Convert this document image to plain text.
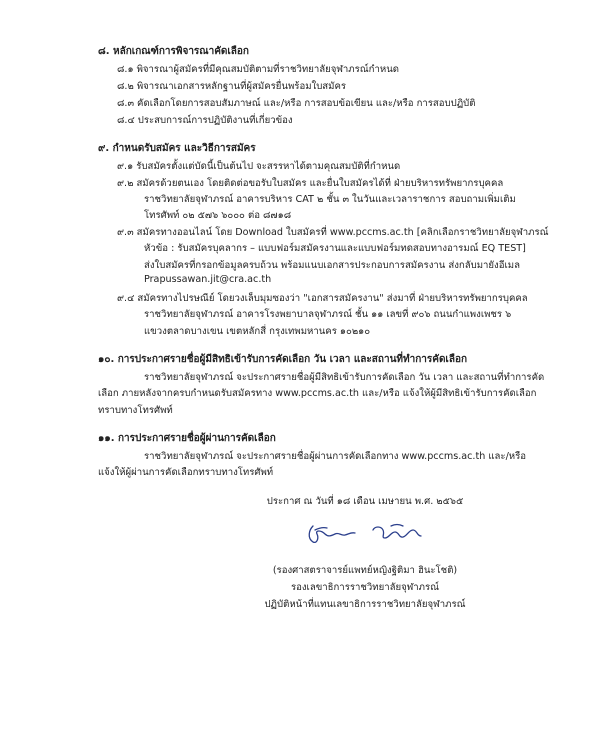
๘. หลักเกณฑ์การพิจารณาคัดเลือก
๘.๑ พิจารณาผู้สมัครที่มีคุณสมบัติตามที่ราชวิทยาลัยจุฬาภรณ์กำหนด
๘.๒ พิจารณาเอกสารหลักฐานที่ผู้สมัครยื่นพร้อมใบสมัคร
๘.๓ คัดเลือกโดยการสอบสัมภาษณ์ และ/หรือ การสอบข้อเขียน และ/หรือ การสอบปฏิบัติ
๘.๔ ประสบการณ์การปฏิบัติงานที่เกี่ยวข้อง
๙. กำหนดรับสมัคร และวิธีการสมัคร
๙.๑ รับสมัครตั้งแต่บัดนี้เป็นต้นไป จะสรรหาได้ตามคุณสมบัติที่กำหนด
๙.๒ สมัครด้วยตนเอง โดยติดต่อขอรับใบสมัคร และยื่นใบสมัครได้ที่ ฝ่ายบริหารทรัพยากรบุคคล
ราชวิทยาลัยจุฬาภรณ์ อาคารบริหาร CAT ๒ ชั้น ๓ ในวันและเวลาราชการ สอบถามเพิ่มเติม
โทรศัพท์ ๐๒ ๕๗๖ ๖๐๐๐ ต่อ ๘๗๑๘
๙.๓ สมัครทางออนไลน์ โดย Download ใบสมัครที่ www.pccms.ac.th [คลิกเลือกราชวิทยาลัยจุฬาภรณ์
หัวข้อ : รับสมัครบุคลากร – แบบฟอร์มสมัครงานและแบบฟอร์มทดสอบทางอารมณ์ EQ TEST]
ส่งใบสมัครที่กรอกข้อมูลครบถ้วน พร้อมแนบเอกสารประกอบการสมัครงาน ส่งกลับมายังอีเมล
Prapussawan.jit@cra.ac.th
๙.๔ สมัครทางไปรษณีย์ โดยวงเล็บมุมซองว่า "เอกสารสมัครงาน" ส่งมาที่ ฝ่ายบริหารทรัพยากรบุคคล
ราชวิทยาลัยจุฬาภรณ์ อาคารโรงพยาบาลจุฬาภรณ์ ชั้น ๑๑ เลขที่ ๙๐๖ ถนนกำแพงเพชร ๖
แขวงตลาดบางเขน เขตหลักสี่ กรุงเทพมหานคร ๑๐๒๑๐
๑๐. การประกาศรายชื่อผู้มีสิทธิเข้ารับการคัดเลือก วัน เวลา และสถานที่ทำการคัดเลือก
ราชวิทยาลัยจุฬาภรณ์ จะประกาศรายชื่อผู้มีสิทธิเข้ารับการคัดเลือก วัน เวลา และสถานที่ทำการคัด
เลือก ภายหลังจากครบกำหนดรับสมัครทาง www.pccms.ac.th และ/หรือ แจ้งให้ผู้มีสิทธิเข้ารับการคัดเลือก
ทราบทางโทรศัพท์
๑๑. การประกาศรายชื่อผู้ผ่านการคัดเลือก
ราชวิทยาลัยจุฬาภรณ์ จะประกาศรายชื่อผู้ผ่านการคัดเลือกทาง www.pccms.ac.th และ/หรือ
แจ้งให้ผู้ผ่านการคัดเลือกทราบทางโทรศัพท์
ประกาศ ณ วันที่ ๑๘ เดือน เมษายน พ.ศ. ๒๕๖๕
(รองศาสตราจารย์แพทย์หญิงฐิติมา ฮินะโชติ)
รองเลขาธิการราชวิทยาลัยจุฬาภรณ์
ปฏิบัติหน้าที่แทนเลขาธิการราชวิทยาลัยจุฬาภรณ์
